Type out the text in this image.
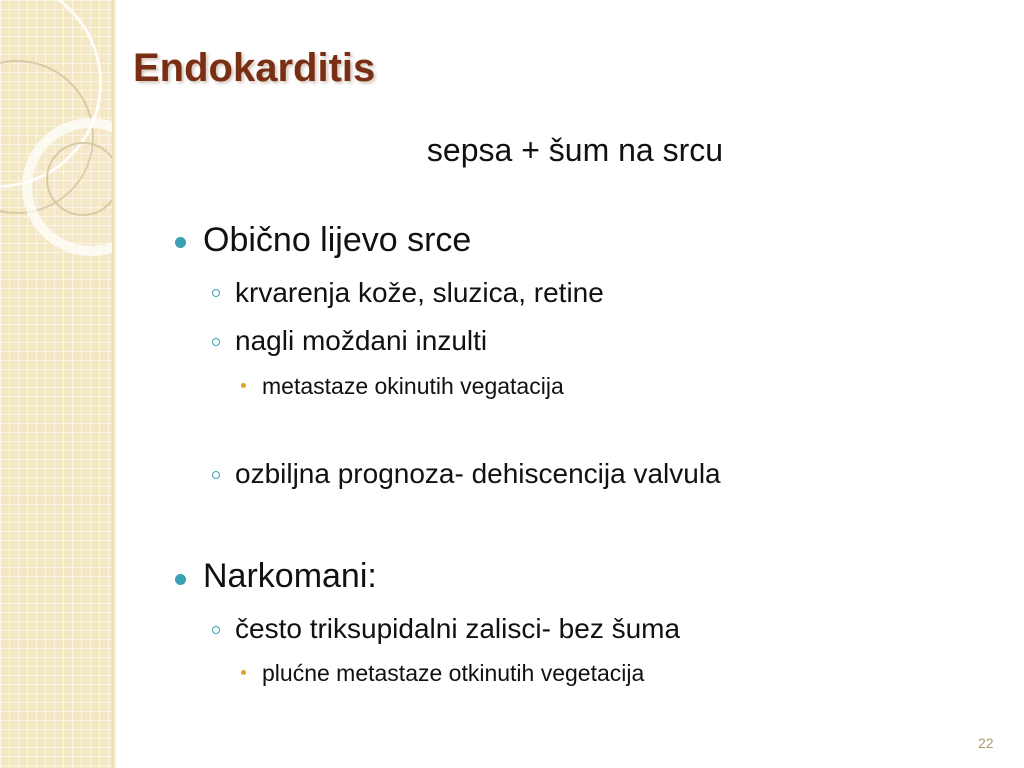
Endokarditis
sepsa + šum na srcu
Obično lijevo srce
krvarenja kože, sluzica, retine
nagli moždani inzulti
metastaze okinutih vegatacija
ozbiljna prognoza- dehiscencija valvula
Narkomani:
često triksupidalni zalisci- bez šuma
plućne metastaze otkinutih vegetacija
22
